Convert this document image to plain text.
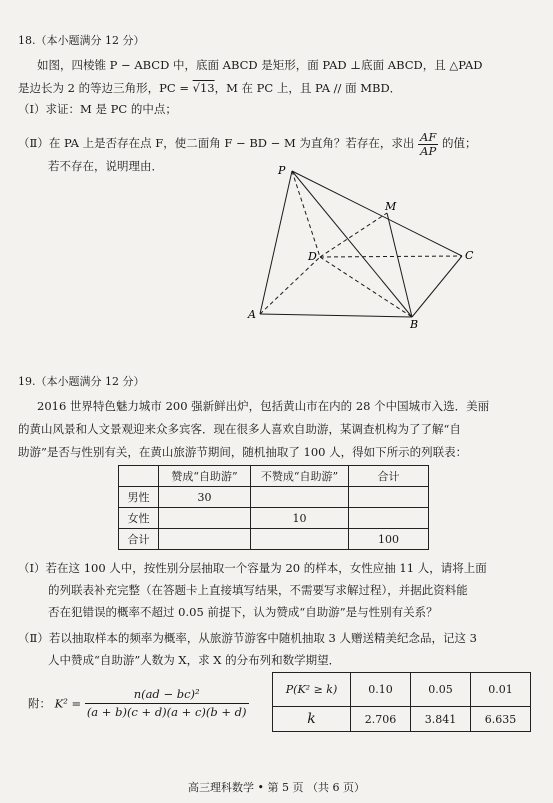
18.（本小题满分 12 分）
如图，四棱锥 P − ABCD 中，底面 ABCD 是矩形，面 PAD ⊥底面 ABCD，且 △PAD
是边长为 2 的等边三角形，PC = √13，M 在 PC 上，且 PA // 面 MBD．
（Ⅰ）求证：M 是 PC 的中点；
（Ⅱ）在 PA 上是否存在点 F，使二面角 F − BD − M 为直角？若存在，求出 $\frac{AF}{AP}$ 的值；
若不存在，说明理由．	P
M
D	C
A
B
19.（本小题满分 12 分）
2016 世界特色魅力城市 200 强新鲜出炉，包括黄山市在内的 28 个中国城市入选．美丽
的黄山风景和人文景观迎来众多宾客．现在很多人喜欢自助游，某调查机构为了了解“自
助游”是否与性别有关，在黄山旅游节期间，随机抽取了 100 人，得如下所示的列联表：
	赞成“自助游”	不赞成“自助游”	合计
男性	30		
女性		10	
合计			100
（Ⅰ）若在这 100 人中，按性别分层抽取一个容量为 20 的样本，女性应抽 11 人，请将上面
的列联表补充完整（在答题卡上直接填写结果，不需要写求解过程），并据此资料能
否在犯错误的概率不超过 0.05 前提下，认为赞成“自助游”是与性别有关系？
（Ⅱ）若以抽取样本的频率为概率，从旅游节游客中随机抽取 3 人赠送精美纪念品，记这 3
人中赞成“自助游”人数为 X，求 X 的分布列和数学期望．
附： $K^2 = \frac{\text{n(ad − bc)²}}{(a + b)(c + d)(a + c)(b + d)}$	P(K² ≥ k)	0.10	0.05	0.01
k	2.706	3.841	6.635
高三理科数学 • 第 5 页 （共 6 页）
